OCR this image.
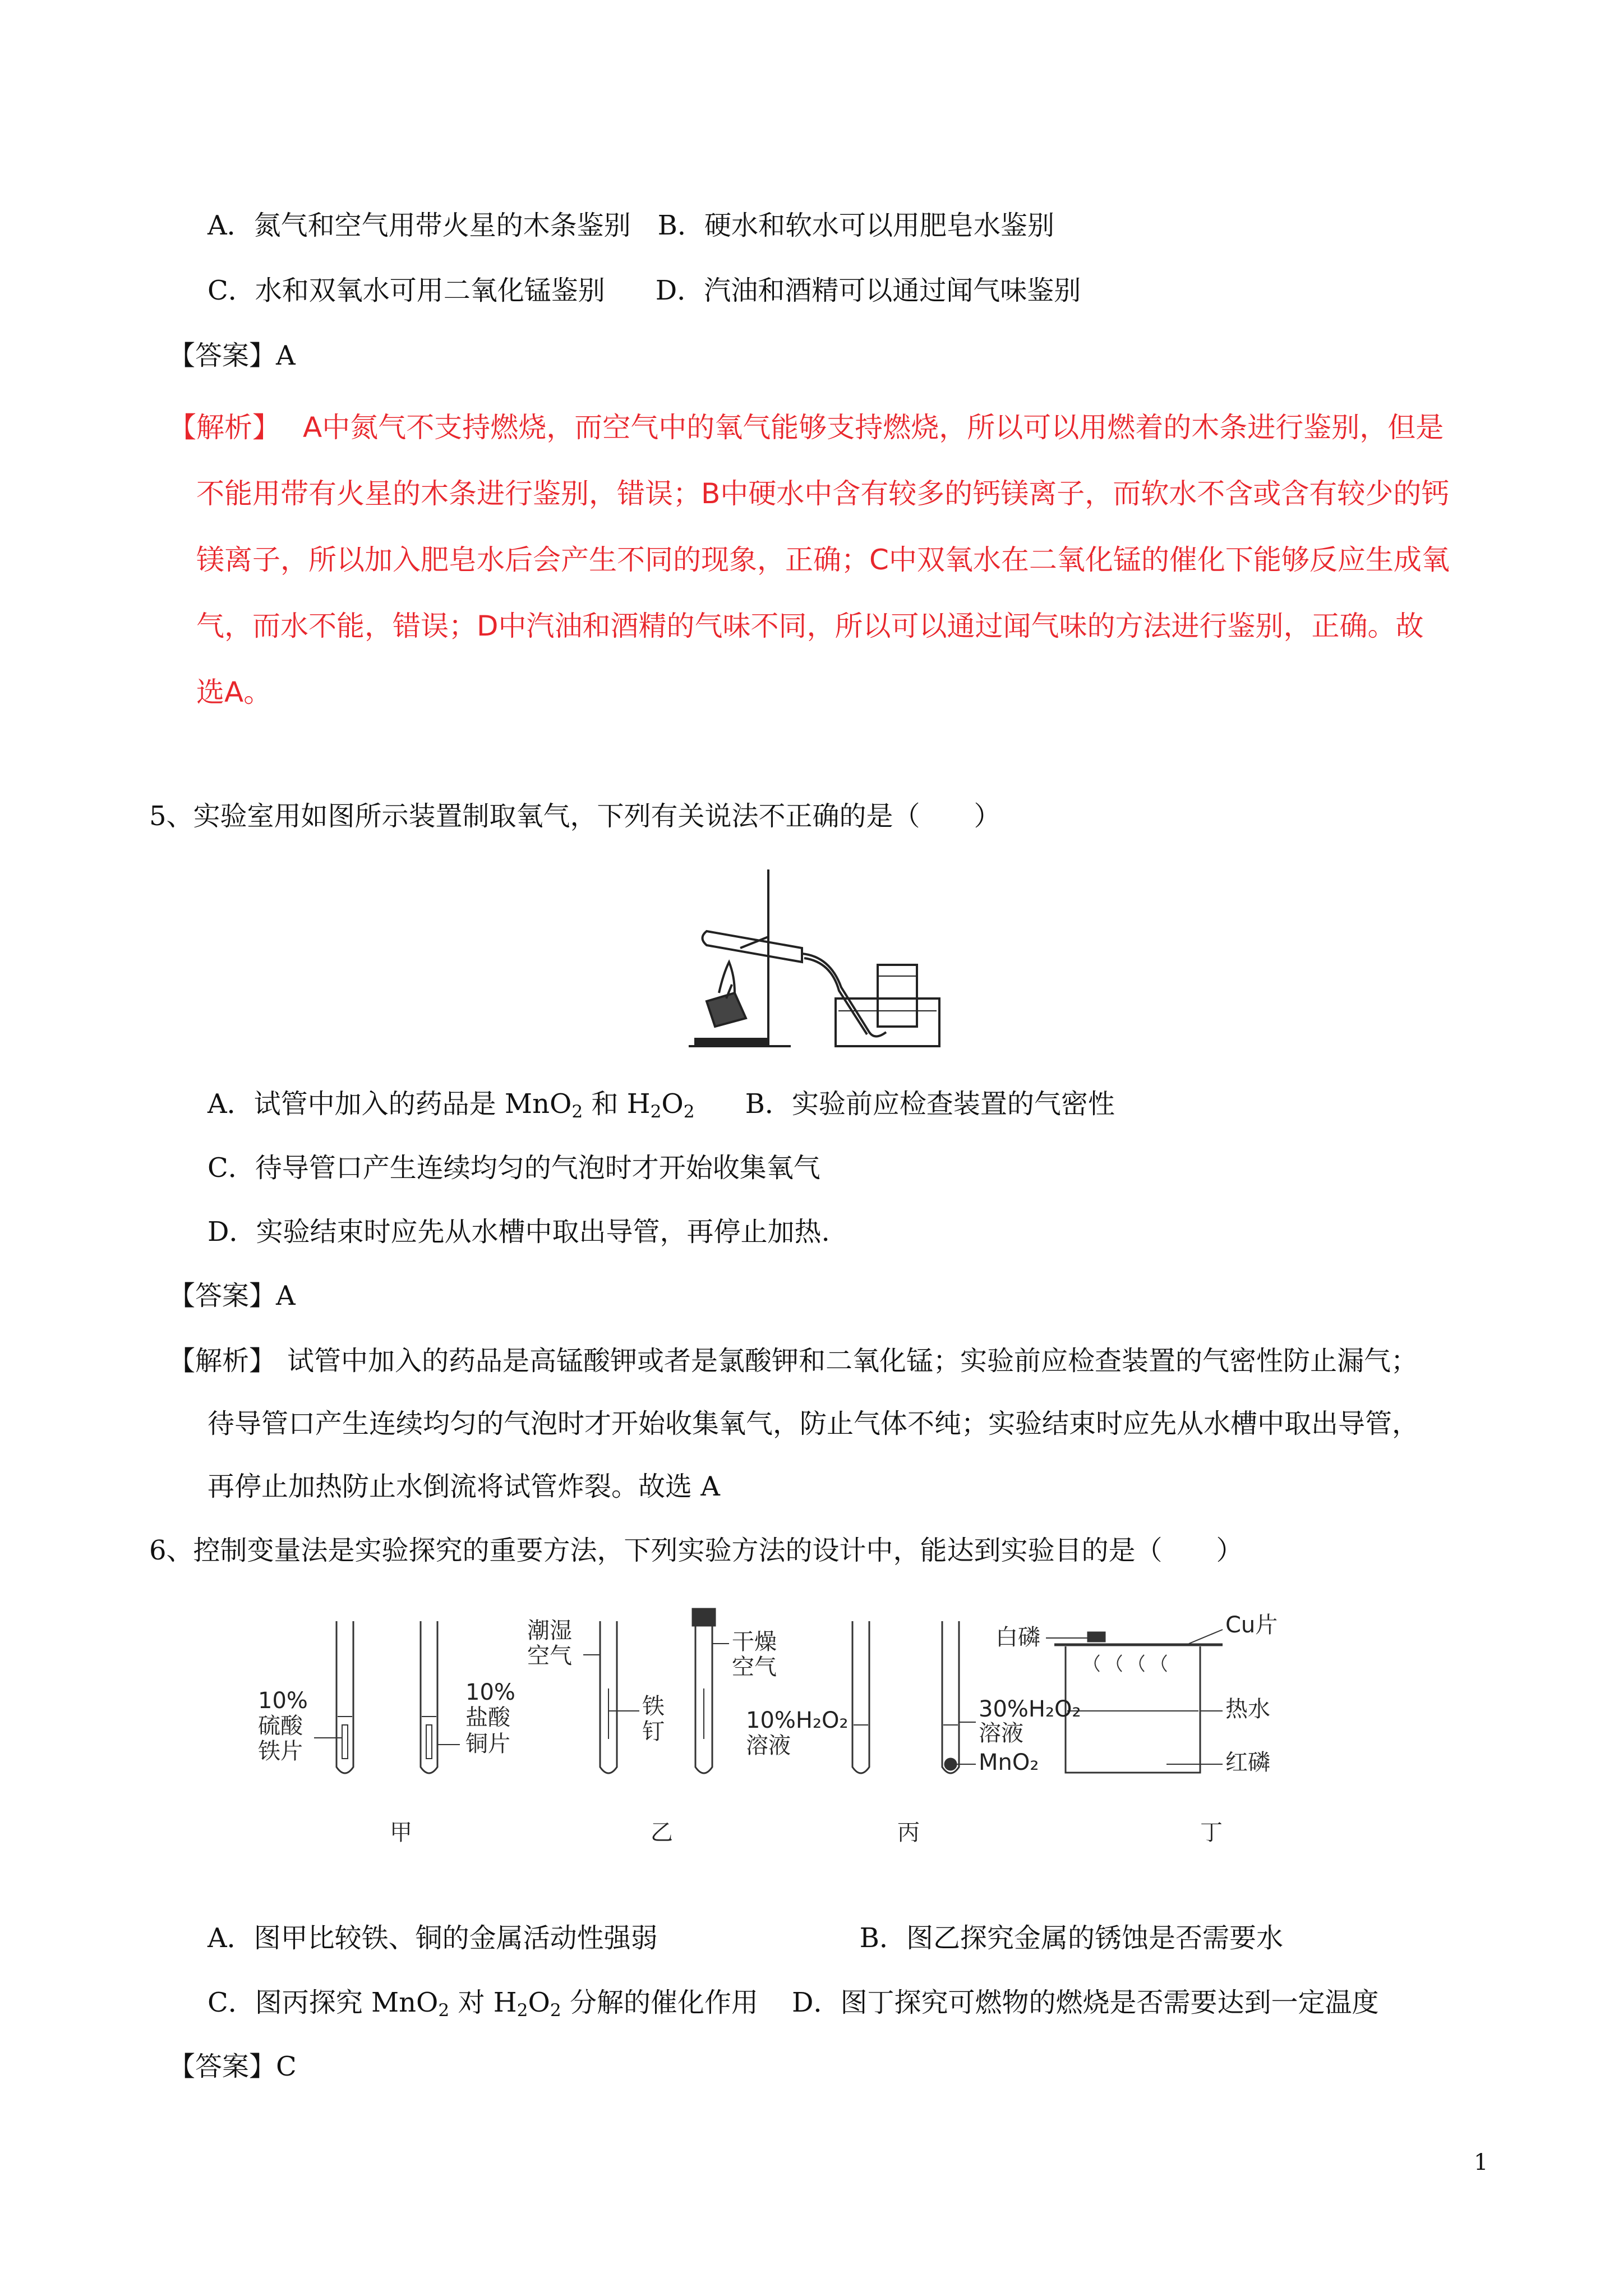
A．氮气和空气用带火星的木条鉴别 B．硬水和软水可以用肥皂水鉴别
C．水和双氧水可用二氧化锰鉴别 D．汽油和酒精可以通过闻气味鉴别
【答案】A
【解析】 A中氮气不支持燃烧，而空气中的氧气能够支持燃烧，所以可以用燃着的木条进行鉴别，但是
不能用带有火星的木条进行鉴别，错误；B中硬水中含有较多的钙镁离子，而软水不含或含有较少的钙
镁离子，所以加入肥皂水后会产生不同的现象，正确；C中双氧水在二氧化锰的催化下能够反应生成氧
气，而水不能，错误；D中汽油和酒精的气味不同，所以可以通过闻气味的方法进行鉴别，正确。故
选A。
5、实验室用如图所示装置制取氧气，下列有关说法不正确的是（　　）
A．试管中加入的药品是 MnO$_2$ 和 $H_2O_2$ B．实验前应检查装置的气密性
C．待导管口产生连续均匀的气泡时才开始收集氧气
D．实验结束时应先从水槽中取出导管，再停止加热.
【答案】A
【解析】 试管中加入的药品是高锰酸钾或者是氯酸钾和二氧化锰；实验前应检查装置的气密性防止漏气；
待导管口产生连续均匀的气泡时才开始收集氧气，防止气体不纯；实验结束时应先从水槽中取出导管，
再停止加热防止水倒流将试管炸裂。故选 A
6、控制变量法是实验探究的重要方法，下列实验方法的设计中，能达到实验目的是（　　）
10%
硫酸
铁片
10%
盐酸
铜片
潮湿
空气
铁
钉
干燥
空气
10%H₂O₂
溶液
30%H₂O₂
溶液
MnO₂
白磷	Cu片
热水
红磷
甲	乙	丙	丁
A．图甲比较铁、铜的金属活动性强弱	B．图乙探究金属的锈蚀是否需要水
C．图丙探究 MnO$_2$ 对 $H_2O_2$ 分解的催化作用 D．图丁探究可燃物的燃烧是否需要达到一定温度
【答案】C
1
